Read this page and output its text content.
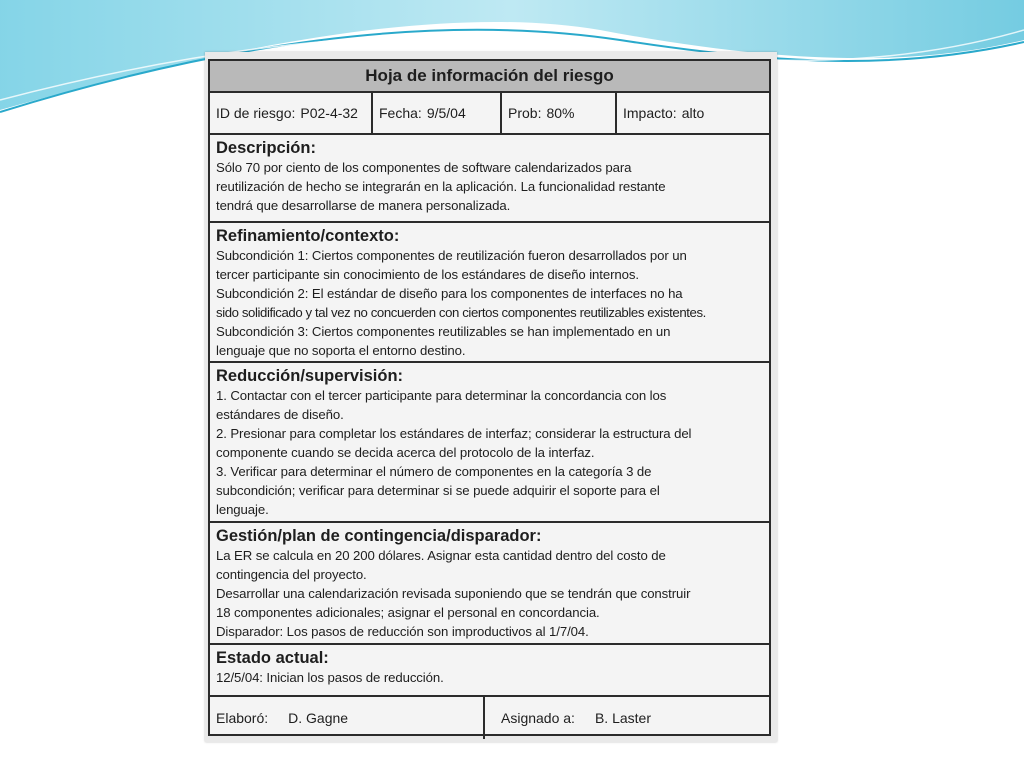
Hoja de información del riesgo
ID de riesgo: P02-4-32 Fecha: 9/5/04	Prob: 80%	Impacto: alto
Descripción:
Sólo 70 por ciento de los componentes de software calendarizados para
reutilización de hecho se integrarán en la aplicación. La funcionalidad restante
tendrá que desarrollarse de manera personalizada.
Refinamiento/contexto:
Subcondición 1: Ciertos componentes de reutilización fueron desarrollados por un
tercer participante sin conocimiento de los estándares de diseño internos.
Subcondición 2: El estándar de diseño para los componentes de interfaces no ha
sido solidificado y tal vez no concuerden con ciertos componentes reutilizables existentes.
Subcondición 3: Ciertos componentes reutilizables se han implementado en un
lenguaje que no soporta el entorno destino.
Reducción/supervisión:
1. Contactar con el tercer participante para determinar la concordancia con los
estándares de diseño.
2. Presionar para completar los estándares de interfaz; considerar la estructura del
componente cuando se decida acerca del protocolo de la interfaz.
3. Verificar para determinar el número de componentes en la categoría 3 de
subcondición; verificar para determinar si se puede adquirir el soporte para el
lenguaje.
Gestión/plan de contingencia/disparador:
La ER se calcula en 20 200 dólares. Asignar esta cantidad dentro del costo de
contingencia del proyecto.
Desarrollar una calendarización revisada suponiendo que se tendrán que construir
18 componentes adicionales; asignar el personal en concordancia.
Disparador: Los pasos de reducción son improductivos al 1/7/04.
Estado actual:
12/5/04: Inician los pasos de reducción.
Elaboró: D. Gagne	Asignado a: B. Laster
